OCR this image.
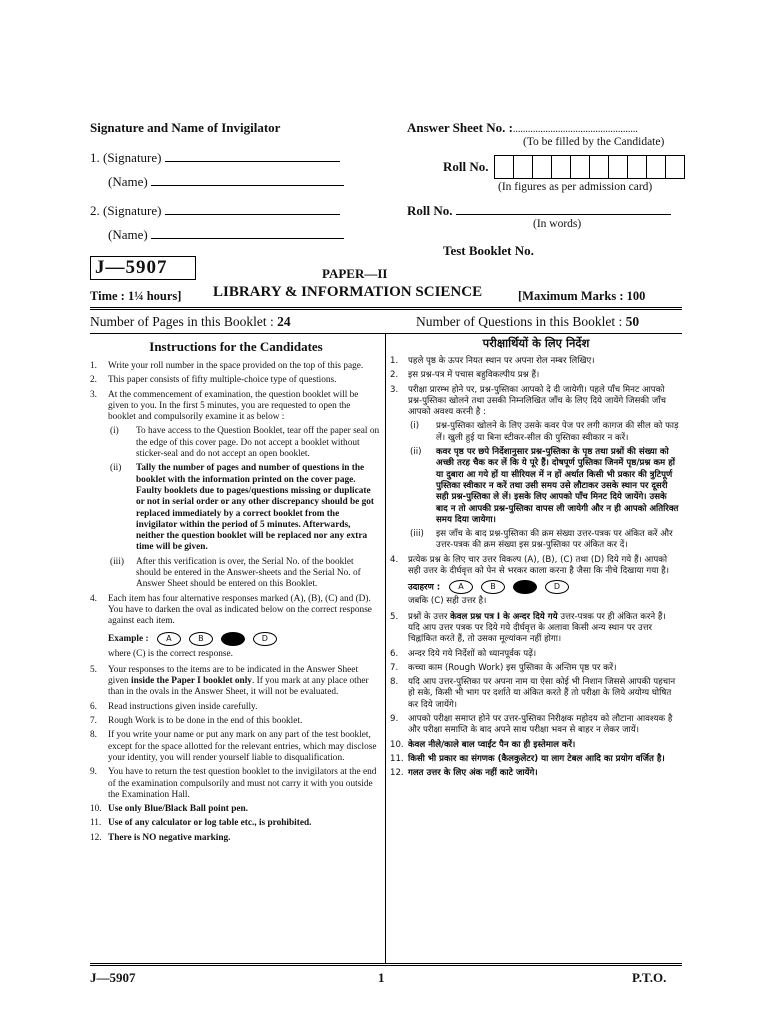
Signature and Name of Invigilator
1. (Signature)
(Name)
2. (Signature)
(Name)
Answer Sheet No. :..................................................
(To be filled by the Candidate)
Roll No.
(In figures as per admission card)
Roll No.
(In words)
Test Booklet No.
J—5907	PAPER—II
Time : 1¼ hours] LIBRARY & INFORMATION SCIENCE	[Maximum Marks : 100
Number of Pages in this Booklet : 24	Number of Questions in this Booklet : 50
Instructions for the Candidates
1.	Write your roll number in the space provided on the top of this page.
2.	This paper consists of fifty multiple-choice type of questions.
3.	At the commencement of examination, the question booklet will be given to you. In the first 5 minutes, you are requested to open the booklet and compulsorily examine it as below :
(i)	To have access to the Question Booklet, tear off the paper seal on the edge of this cover page. Do not accept a booklet without sticker-seal and do not accept an open booklet.
(ii)	Tally the number of pages and number of questions in the booklet with the information printed on the cover page. Faulty booklets due to pages/questions missing or duplicate or not in serial order or any other discrepancy should be got replaced immediately by a correct booklet from the invigilator within the period of 5 minutes. Afterwards, neither the question booklet will be replaced nor any extra time will be given.
(iii)	After this verification is over, the Serial No. of the booklet should be entered in the Answer-sheets and the Serial No. of Answer Sheet should be entered on this Booklet.
4.	Each item has four alternative responses marked (A), (B), (C) and (D). You have to darken the oval as indicated below on the correct response against each item.
Example :	A	B	C	D
where (C) is the correct response.
5.	Your responses to the items are to be indicated in the Answer Sheet given inside the Paper I booklet only. If you mark at any place other than in the ovals in the Answer Sheet, it will not be evaluated.
6.	Read instructions given inside carefully.
7.	Rough Work is to be done in the end of this booklet.
8.	If you write your name or put any mark on any part of the test booklet, except for the space allotted for the relevant entries, which may disclose your identity, you will render yourself liable to disqualification.
9.	You have to return the test question booklet to the invigilators at the end of the examination compulsorily and must not carry it with you outside the Examination Hall.
10. Use only Blue/Black Ball point pen.
11. Use of any calculator or log table etc., is prohibited.
12. There is NO negative marking.
परीक्षार्थियों के लिए निर्देश
1.	पहले पृष्ठ के ऊपर नियत स्थान पर अपना रोल नम्बर लिखिए।
2.	इस प्रश्न-पत्र में पचास बहुविकल्पीय प्रश्न हैं।
3.	परीक्षा प्रारम्भ होने पर, प्रश्न-पुस्तिका आपको दे दी जायेगी। पहले पाँच मिनट आपको प्रश्न-पुस्तिका खोलने तथा उसकी निम्नलिखित जाँच के लिए दिये जायेंगे जिसकी जाँच आपको अवश्य करनी है :
(i)	प्रश्न-पुस्तिका खोलने के लिए उसके कवर पेज पर लगी कागज की सील को फाड़ लें। खुली हुई या बिना स्टीकर-सील की पुस्तिका स्वीकार न करें।
(ii)	कवर पृष्ठ पर छपे निर्देशानुसार प्रश्न-पुस्तिका के पृष्ठ तथा प्रश्नों की संख्या को अच्छी तरह चैक कर लें कि ये पूरे हैं। दोषपूर्ण पुस्तिका जिनमें पृष्ठ/प्रश्न कम हों या दुबारा आ गये हों या सीरियल में न हों अर्थात किसी भी प्रकार की त्रुटिपूर्ण पुस्तिका स्वीकार न करें तथा उसी समय उसे लौटाकर उसके स्थान पर दूसरी सही प्रश्न-पुस्तिका ले लें। इसके लिए आपको पाँच मिनट दिये जायेंगे। उसके बाद न तो आपकी प्रश्न-पुस्तिका वापस ली जायेगी और न ही आपको अतिरिक्त समय दिया जायेगा।
(iii)	इस जाँच के बाद प्रश्न-पुस्तिका की क्रम संख्या उत्तर-पत्रक पर अंकित करें और उत्तर-पत्रक की क्रम संख्या इस प्रश्न-पुस्तिका पर अंकित कर दें।
4.	प्रत्येक प्रश्न के लिए चार उत्तर विकल्प (A), (B), (C) तथा (D) दिये गये हैं। आपको सही उत्तर के दीर्घवृत्त को पेन से भरकर काला करना है जैसा कि नीचे दिखाया गया है।
उदाहरण :	A	B	C	D
जबकि (C) सही उत्तर है।
5.	प्रश्नों के उत्तर केवल प्रश्न पत्र I के अन्दर दिये गये उत्तर-पत्रक पर ही अंकित करने हैं। यदि आप उत्तर पत्रक पर दिये गये दीर्घवृत्त के अलावा किसी अन्य स्थान पर उत्तर चिह्नांकित करते हैं, तो उसका मूल्यांकन नहीं होगा।
6.	अन्दर दिये गये निर्देशों को ध्यानपूर्वक पढ़ें।
7.	कच्चा काम (Rough Work) इस पुस्तिका के अन्तिम पृष्ठ पर करें।
8.	यदि आप उत्तर-पुस्तिका पर अपना नाम या ऐसा कोई भी निशान जिससे आपकी पहचान हो सके, किसी भी भाग पर दर्शाते या अंकित करते हैं तो परीक्षा के लिये अयोग्य घोषित कर दिये जायेंगे।
9.	आपको परीक्षा समाप्त होने पर उत्तर-पुस्तिका निरीक्षक महोदय को लौटाना आवश्यक है और परीक्षा समाप्ति के बाद अपने साथ परीक्षा भवन से बाहर न लेकर जायें।
10. केवल नीले/काले बाल प्वाईंट पैन का ही इस्तेमाल करें।
11. किसी भी प्रकार का संगणक (कैलकुलेटर) या लाग टेबल आदि का प्रयोग वर्जित है।
12. गलत उत्तर के लिए अंक नहीं काटे जायेंगे।
J—5907	1	P.T.O.
